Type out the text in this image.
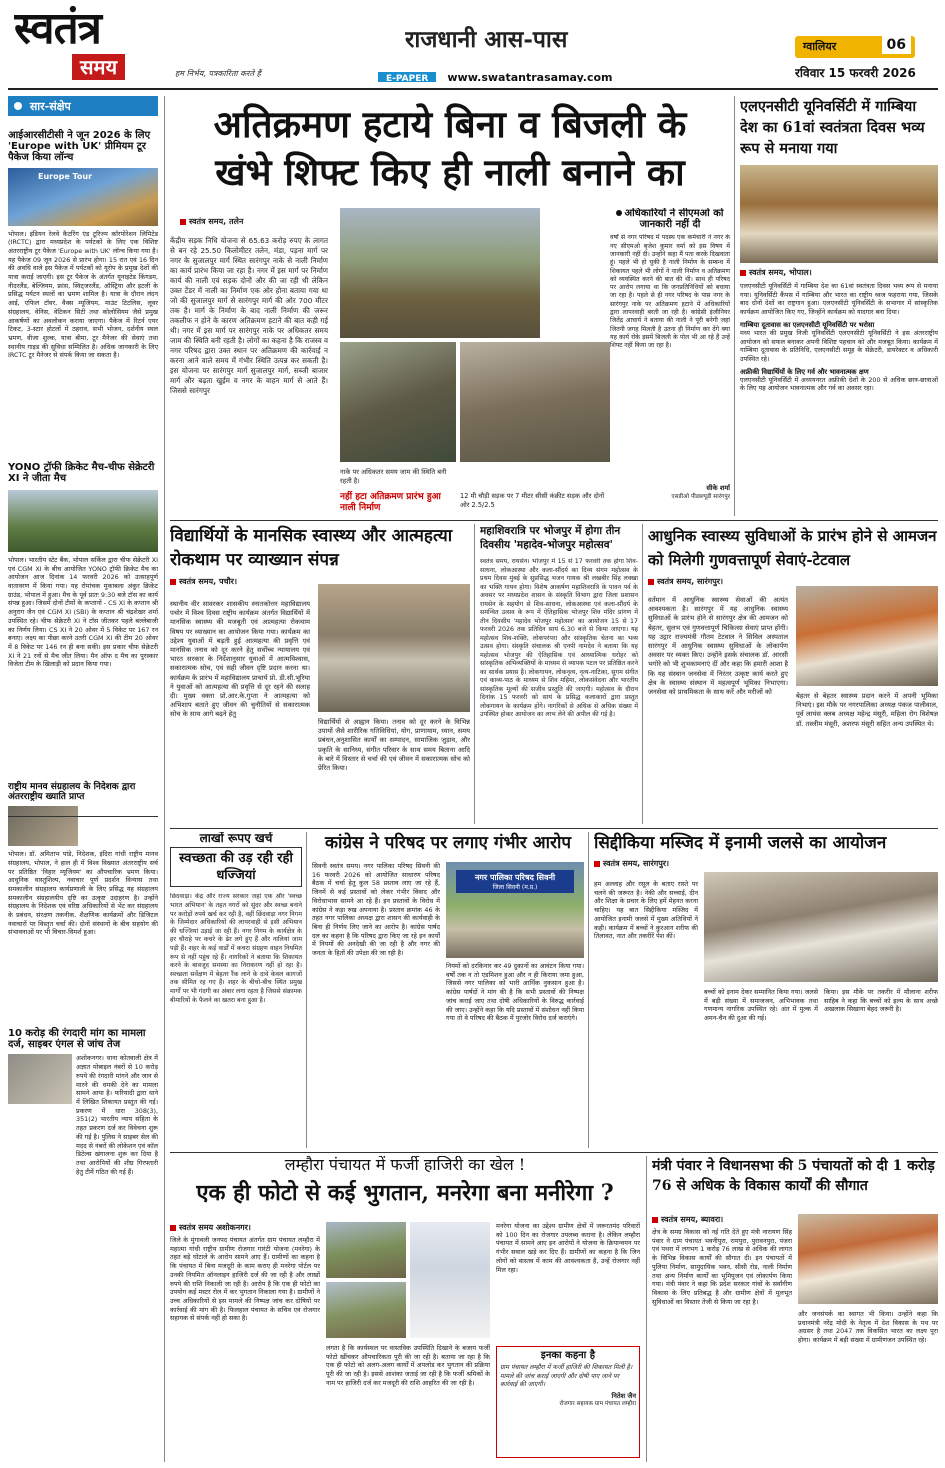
स्वतंत्र
समय	हम निर्भय, पत्रकारिता करते हैं
राजधानी आस-पास
E-PAPER www.swatantrasamay.com
ग्वालियर	06
रविवार 15 फरवरी 2026
सार-संक्षेप
आईआरसीटीसी ने जून 2026 के लिए 'Europe with UK' प्रीमियम टूर पैकेज किया लॉन्च
Europe Tour
भोपाल। इंडियन रेलवे कैटरिंग एंड टूरिज्म कॉरपोरेशन लिमिटेड (IRCTC) द्वारा मध्यप्रदेश के पर्यटकों के लिए एक विशिष्ट अंतरराष्ट्रीय टूर पैकेज 'Europe with UK' लॉन्च किया गया है। यह पैकेज 09 जून 2026 से प्रारंभ होगा। 15 रात एवं 16 दिन की अवधि वाले इस पैकेज में पर्यटकों को यूरोप के प्रमुख देशों की यात्रा कराई जाएगी। इस टूर पैकेज के अंतर्गत यूनाइटेड किंगडम, नीदरलैंड, बेल्जियम, फ्रांस, स्विट्जरलैंड, ऑस्ट्रिया और इटली के प्रसिद्ध पर्यटन स्थलों का भ्रमण शामिल है। यात्रा के दौरान लंदन आई, एफिल टॉवर, वैक्स म्यूजियम, माउंट टिटलिस, लूवर संग्रहालय, वेनिस, वेटिकन सिटी तथा कोलोसियम जैसे प्रमुख आकर्षणों का अवलोकन कराया जाएगा। पैकेज में रिटर्न एयर टिकट, 3-स्टार होटलों में ठहराव, सभी भोजन, दर्शनीय स्थल भ्रमण, वीजा शुल्क, यात्रा बीमा, टूर मैनेजर की सेवाएं तथा स्थानीय गाइड की सुविधा सम्मिलित है। अधिक जानकारी के लिए IRCTC टूर मैनेजर से संपर्क किया जा सकता है।
YONO ट्रॉफी क्रिकेट मैच-चीफ सेक्रेटरी XI ने जीता मैच
भोपाल। भारतीय स्टेट बैंक, भोपाल सर्किल द्वारा चीफ सेक्रेटरी XI एवं CGM XI के बीच आयोजित YONO ट्रॉफी क्रिकेट मैच का आयोजन आज दिनांक 14 फरवरी 2026 को उत्साहपूर्ण वातावरण में किया गया। यह रोमांचक मुकाबला अंकुर क्रिकेट ग्राउंड, भोपाल में हुआ। मैच के पूर्व प्रातः 9:30 बजे टॉस का कार्य संपन्न हुआ। जिसमें दोनों टीमों के कप्तानों - CS XI के कप्तान श्री अनुराग जैन एवं CGM XI (SBI) के कप्तान श्री चंद्रशेखर शर्मा उपस्थित रहे। चीफ सेक्रेटरी XI ने टॉस जीतकर पहले बल्लेबाजी का निर्णय लिया। CS XI ने 20 ओवर में 5 विकेट पर 167 रन बनाए। लक्ष्य का पीछा करने उतरी CGM XI की टीम 20 ओवर में 8 विकेट पर 146 रन ही बना सकी। इस प्रकार चीफ सेक्रेटरी XI ने 21 रनों से मैच जीत लिया। मैन ऑफ द मैच का पुरस्कार विजेता टीम के खिलाड़ी को प्रदान किया गया।
राष्ट्रीय मानव संग्रहालय के निदेशक द्वारा अंतरराष्ट्रीय ख्याति प्राप्त
भोपाल। डॉ. अमिताभ पांडे, निदेशक, इंदिरा गांधी राष्ट्रीय मानव संग्रहालय, भोपाल, ने हाल ही में विश्व विख्यात अंतरराष्ट्रीय सर्च पर प्रतिष्ठित 'विहार म्यूजियम' का औपचारिक भ्रमण किया। आधुनिक वास्तुशिल्प, नवाचार पूर्ण प्रदर्शन विन्यास तथा समकालीन संग्रहालय कार्यप्रणाली के लिए प्रसिद्ध यह संग्रहालय समकालीन संग्रहालयीय दृष्टि का उत्कृष्ट उदाहरण है। उन्होंने संग्रहालय के निदेशक एवं वरिष्ठ अधिकारियों से भेंट कर संग्रहालय के प्रबंधन, संरक्षण तकनीक, शैक्षणिक कार्यक्रमों और डिजिटल नवाचारों पर विस्तृत चर्चा की। दोनों संस्थानों के बीच सहयोग की संभावनाओं पर भी विचार-विमर्श हुआ।
10 करोड़ की रंगदारी मांग का मामला दर्ज, साइबर एंगल से जांच तेज
अशोकनगर। थाना कोतवाली क्षेत्र में अज्ञात मोबाइल नंबरों से 10 करोड़ रुपये की रंगदारी मांगने और जान से मारने की धमकी देने का मामला सामने आया है। फरियादी द्वारा थाने में लिखित शिकायत प्रस्तुत की गई। प्रकरण में धारा 308(3), 351(2) भारतीय न्याय संहिता के तहत प्रकरण दर्ज कर विवेचना शुरू की गई है। पुलिस ने साइबर सेल की मदद से नंबरों की लोकेशन एवं कॉल डिटेल्स खंगालना शुरू कर दिया है तथा आरोपियों की शीघ्र गिरफ्तारी हेतु टीमें गठित की गई हैं।
अतिक्रमण हटाये बिना व बिजली के खंभे शिफ्ट किए ही नाली बनाने का
स्वतंत्र समय, तलेन
केंद्रीय सड़क निधि योजना से 65.63 करोड़ रुपए के लागत से बन रहे 25.50 किलोमीटर तलेन, मंडा, पड़ना मार्ग पर नगर के सुजालपुर मार्ग स्थित सारंगपुर नाके से नाली निर्माण का कार्य प्रारंभ किया जा रहा है। नगर में इस मार्ग पर निर्माण कार्य की नाली एवं सड़क दोनों और की जा रही थी लेकिन उक्त टेंडर में नाली का निर्माण एक ओर होना बताया गया था जो की सुजालपुर मार्ग से सारंगपुर मार्ग की ओर 700 मीटर तक है। मार्ग के निर्माण के बाद नाली निर्माण की जरूर तकलीफ न होने के कारण अतिक्रमण हटाने की बात कही गई थी। नगर में इस मार्ग पर सारंगपुर नाके पर अधिकतर समय जाम की स्थिति बनी रहती है। लोगों का कहना है कि राजस्व व नगर परिषद द्वारा उक्त स्थान पर अतिक्रमण की कार्रवाई न करना आने वाले समय में गंभीर स्थिति उत्पन्न कर सकती है। इस योजना पर सारंगपुर मार्ग सुजालपुर मार्ग, सब्जी बाजार मार्ग और बढ़ता खुईम व नगर के वाहन मार्ग से आते हैं। जिससे सारंगपुर
नाके पर अधिकतर समय जाम की स्थिति बनी रहती है।
नहीं हटा अतिक्रमण प्रारंभ हुआ नाली निर्माण
12 मी चौड़ी सड़क पर 7 मीटर सीसी कंक्रीट सड़क और दोनों ओर 2.5/2.5
अधिकारियों ने सीएमओ को जानकारी नहीं दी
वर्षों से नगर परिषद में पदस्थ एक कर्मचारी ने नगर के नए सीएमओ बृजेश कुमार वर्मा को इस विषय में जानकारी नहीं दी। उन्होंने कहा मैं पता करके दिखवाता हूं। पहले भी हो चुकी है नाली निर्माण के सम्बन्ध में शिकायत पहले भी लोगों ने नाली निर्माण व अतिक्रमण को व्यवस्थित करने की बात की थी। साथ ही परिषद पर आरोप लगाया था कि जनप्रतिनिधियों को बचाया जा रहा है। पहले से ही नगर परिषद के पास नगर के सारंगपुर नाके पर अतिक्रमण हटाने में अधिकारियों द्वारा लापरवाही बरती जा रही है। कांग्रेसी इंजीनियर जितेंद्र आचार्य ने बताया की नाली ने पूरी बनेगी जहां जितनी जगह मिलती है उतना ही निर्माण कर देंगे क्या यह कार्य रोके इसमें बिजली के पोल भी आ रहे हैं उन्हें शिफ्ट नहीं किया जा रहा है।
सीके शर्मा
एसडीओ पीडब्ल्यूडी सारंगपुर
एलएनसीटी यूनिवर्सिटी में गाम्बिया देश का 61वां स्वतंत्रता दिवस भव्य रूप से मनाया गया
स्वतंत्र समय, भोपाल।
एलएनसीटी यूनिवर्सिटी में गाम्बिया देश का 61वां स्वतंत्रता दिवस भव्य रूप से मनाया गया। यूनिवर्सिटी कैंपस में गाम्बिया और भारत का राष्ट्रीय ध्वज फहराया गया, जिसके बाद दोनों देशों का राष्ट्रगान हुआ। एलएनसीटी यूनिवर्सिटी के सभागार में सांस्कृतिक कार्यक्रम आयोजित किए गए, जिन्होंने कार्यक्रम को यादगार बना दिया।
गाम्बिया दूतावास का एलएनसीटी यूनिवर्सिटी पर भरोसा
मध्य भारत की प्रमुख निजी यूनिवर्सिटी एलएनसीटी यूनिवर्सिटी ने इस अंतरराष्ट्रीय आयोजन को सफल बनाकर अपनी विशिष्ट पहचान को और मजबूत किया। कार्यक्रम में गाम्बिया दूतावास के प्रतिनिधि, एलएनसीटी समूह के सेक्रेटरी, डायरेक्टर व अधिकारी उपस्थित रहे।
अफ्रीकी विद्यार्थियों के लिए गर्व और भावनात्मक क्षण
एलएनसीटी यूनिवर्सिटी में अध्ययनरत अफ्रीकी देशों के 200 से अधिक छात्र-छात्राओं के लिए यह आयोजन भावनात्मक और गर्व का अवसर रहा।
विद्यार्थियों के मानसिक स्वास्थ्य और आत्महत्या रोकथाम पर व्याख्यान संपन्न
स्वतंत्र समय, पचौर।
स्थानीय वीर सावरकर शासकीय स्नातकोत्तर महाविद्यालय पचोर में विश्व दिवस राष्ट्रीय कार्यक्रम अंतर्गत विद्यार्थियों में मानसिक स्वास्थ्य की मजबूती एवं आत्महत्या रोकथाम विषय पर व्याख्यान का आयोजन किया गया। कार्यक्रम का उद्देश्य युवाओं में बढ़ती हुई आत्महत्या की प्रवृत्ति एवं मानसिक तनाव को दूर करने हेतु सर्वोच्च न्यायालय एवं भारत सरकार के निर्देशानुसार युवाओं में आत्मविश्वास, सकारात्मक सोच, एवं सही जीवन दृष्टि प्रदान करना था। कार्यक्रम के प्रारंभ में महाविद्यालय प्राचार्य प्रो. डी.सी.भूरिया ने युवाओं को आत्महत्या की प्रवृत्ति से दूर रहने की सलाह दी। मुख्य वक्ता प्रो.आर.के.गुप्ता ने आत्महत्या को अभिशाप बताते हुए जीवन की चुनौतियों से सकारात्मक सोच के साथ आगे बढ़ने हेतु
विद्यार्थियों से आह्वान किया। तनाव को दूर करने के विभिन्न उपायों जैसे शारीरिक गतिविधियां, योग, प्राणायाम, ध्यान, समय प्रबंधन,अनुशासित कार्यों का सम्पादन, सामाजिक जुड़ाव, और प्रकृति के सानिध्य, संगीत परिवार के साथ समय बिताना आदि के बारे में विस्तार से चर्चा की एवं जीवन में सकारात्मक सोच को प्रेरित किया।
महाशिवरात्रि पर भोजपुर में होगा तीन दिवसीय 'महादेव-भोजपुर महोत्सव'
स्वतंत्र समय, रायसेन। भोजपुर में 15 से 17 फरवरी तक होगा शिव-साधना, लोकआस्था और कला-सौंदर्य का दिव्य संगम महोत्सव के प्रथम दिवस मुंबई के सुप्रसिद्ध भजन गायक श्री लखबीर सिंह लक्खा का भक्ति गायन होगा। विशेष आकर्षण महाशिवरात्रि के पावन पर्व के अवसर पर मध्यप्रदेश शासन के संस्कृति विभाग द्वारा जिला प्रशासन रायसेन के सहयोग से शिव-साधना, लोकआस्था एवं कला-सौंदर्य के समन्वित उत्सव के रूप में ऐतिहासिक भोजपुर शिव मंदिर प्रांगण में तीन दिवसीय 'महादेव भोजपुर महोत्सव' का आयोजन 15 से 17 फरवरी 2026 तक प्रतिदिन सायं 6.30 बजे से किया जाएगा। यह महोत्सव शिव-शक्ति, लोकपरंपरा और सांस्कृतिक चेतना का भव्य उत्सव होगा। संस्कृति संचालक श्री एनपी नामदेव ने बताया कि यह महोत्सव भोजपुर की ऐतिहासिक एवं आध्यात्मिक धरोहर को सांस्कृतिक अभिव्यक्तियों के माध्यम से व्यापक पटल पर प्रतिष्ठित करने का सार्थक प्रयास है। लोकगायन, लोकनृत्य, नृत्य-नाटिका, सुगम संगीत एवं काव्य-पाठ के माध्यम से शिव महिमा, लोकसंवेदना और भारतीय सांस्कृतिक मूल्यों की सजीव प्रस्तुति की जाएगी। महोत्सव के दौरान दिनांक 15 फरवरी को सायं के प्रसिद्ध कलाकारों द्वारा प्रस्तुत लोकगायन के कार्यक्रम होंगे। नागरिकों से अधिक से अधिक संख्या में उपस्थित होकर आयोजन का लाभ लेने की अपील की गई है।
आधुनिक स्वास्थ्य सुविधाओं के प्रारंभ होने से आमजन को मिलेगी गुणवत्तापूर्ण सेवाएं-टेटवाल
स्वतंत्र समय, सारंगपुर।
वर्तमान में आधुनिक स्वास्थ्य सेवाओं की अत्यंत आवश्यकता है। सारंगपुर में यह आधुनिक स्वास्थ्य सुविधाओं के प्रारंभ होने से सारंगपुर क्षेत्र की आमजन को बेहतर, सुलभ एवं गुणवत्तापूर्ण चिकित्सा सेवाएं प्राप्त होंगी। यह उद्गार राज्यमंत्री गौतम टेटवाल ने सिविल अस्पताल सारंगपुर में आधुनिक स्वास्थ्य सुविधाओं के लोकार्पण अवसर पर व्यक्त किए। उन्होंने इसके संचालक डॉ. आरसी भगोरे को भी शुभकामनाएं दीं और कहा कि हमारी आशा है कि यह संस्थान जनसेवा में निरंतर उत्कृष्ट कार्य करते हुए क्षेत्र के स्वास्थ्य संस्थान में महत्वपूर्ण भूमिका निभाएगा। जनसेवा को प्राथमिकता के साथ करें और मरीजों को	बेहतर से बेहतर स्वास्थ्य प्रदान करने में अपनी भूमिका निभाएं। इस मौके पर नगरपालिका अध्यक्ष पंकज पालीवाल, पूर्व लायंस क्लब अध्यक्ष महेन्द्र मंसूरी, महिला रोग विशेषज्ञ डॉ. तस्लीम मंसूरी, अशरफ मंसूरी सहित अन्य उपस्थित थे।
लाखों रूपए खर्च
स्वच्छता की उड़ रही रही धज्जियां
छिंदवाड़ा। केंद्र और राज्य सरकार जहां एक और 'स्वच्छ भारत अभियान' के तहत नगरों को सुंदर और स्वच्छ बनाने पर करोड़ों रुपये खर्च कर रही है, वहीं छिंदवाड़ा नगर निगम के जिम्मेदार अधिकारियों की लापरवाही से इसी अभियान की धज्जियां उड़ाई जा रही हैं। नगर निगम के कार्यक्षेत्र के हर चौराहे पर कचरे के ढेर लगे हुए हैं और नालियां जाम पड़ी हैं। शहर के कई वार्डों में कचरा संग्रहण वाहन नियमित रूप से नहीं पहुंच रहे हैं। नागरिकों ने बताया कि शिकायत करने के बावजूद समस्या का निराकरण नहीं हो रहा है। स्वच्छता सर्वेक्षण में बेहतर रैंक लाने के दावे केवल कागजों तक सीमित रह गए हैं। शहर के बीचो-बीच स्थित प्रमुख मार्गों पर भी गंदगी का अंबार लगा रहता है जिससे संक्रामक बीमारियों के फैलने का खतरा बना हुआ है।
कांग्रेस ने परिषद पर लगाए गंभीर आरोप
सिवनी स्वतंत्र समय। नगर पालिका परिषद सिवनी की 16 फरवरी 2026 को आयोजित साधारण परिषद बैठक में चर्चा हेतु कुल 58 प्रस्ताव लाए जा रहे हैं, जिनमें से कई प्रस्तावों को लेकर गंभीर विवाद और विरोधाभास सामने आ रहे हैं। इन प्रस्तावों के विरोध में कांग्रेस ने कड़ा रुख अपनाया है। प्रस्ताव क्रमांक 46 के तहत नगर पालिका अध्यक्ष द्वारा शासन की कार्यवाही के बिना ही निर्णय लिए जाने का आरोप है। कांग्रेस पार्षद दल का कहना है कि परिषद द्वारा किए जा रहे इन कार्यों में नियमों की अनदेखी की जा रही है और नगर की जनता के हितों की उपेक्षा की जा रही है।
नगर पालिका परिषद सिवनी
जिला सिवनी (म.प्र.)
नियमों को दरकिनार कर 49 दुकानों का आवंटन किया गया। वर्षों तक न तो एडमिशन हुआ और न ही किराया जमा हुआ, जिससे नगर पालिका को भारी आर्थिक नुकसान हुआ है। कांग्रेस पार्षदों ने मांग की है कि सभी प्रस्तावों की निष्पक्ष जांच कराई जाए तथा दोषी अधिकारियों के विरुद्ध कार्रवाई की जाए। उन्होंने कहा कि यदि प्रस्तावों में संशोधन नहीं किया गया तो वे परिषद की बैठक में पुरजोर विरोध दर्ज कराएंगे।
सिद्दीकिया मस्जिद में इनामी जलसे का आयोजन
स्वतंत्र समय, सारंगपुर।
हम अल्लाह और रसूल के बताए रास्ते पर चलने की जरूरत है। नेकी और सच्चाई, दीन और शिक्षा के प्रचार के लिए हमें मेहनत करना चाहिए। यह बात सिद्दीकिया मस्जिद में आयोजित इनामी जलसे में मुख्य अतिथियों ने कही। कार्यक्रम में बच्चों ने कुरआन शरीफ की तिलावत, नात और तकरीरें पेश कीं।
बच्चों को इनाम देकर सम्मानित किया गया। जलसे में बड़ी संख्या में समाजजन, अभिभावक तथा गणमान्य नागरिक उपस्थित रहे। अंत में मुल्क में अमन-चैन की दुआ की गई।
किया। इस मौके पर तकरीर में मौलाना शरीफ साहिब ने कहा कि बच्चों को इल्म के साथ अच्छे अखलाक सिखाना बेहद जरूरी है।
लम्हौरा पंचायत में फर्जी हाजिरी का खेल !
एक ही फोटो से कई भुगतान, मनरेगा बना मनीरेगा ?
स्वतंत्र समय अशोकनगर।
जिले के मुंगावली जनपद पंचायत अंतर्गत ग्राम पंचायत लम्हौरा में महात्मा गांधी राष्ट्रीय ग्रामीण रोजगार गारंटी योजना (मनरेगा) के तहत बड़े घोटाले के आरोप सामने आए हैं। ग्रामीणों का कहना है कि पंचायत में बिना मजदूरी के काम कराए ही मनरेगा पोर्टल पर उनकी नियमित ऑनलाइन हाजिरी दर्ज की जा रही है और लाखों रुपये की राशि निकाली जा रही है। आरोप है कि एक ही फोटो का उपयोग कई मस्टर रोल में कर भुगतान निकाला गया है। ग्रामीणों ने उच्च अधिकारियों से इस मामले की निष्पक्ष जांच कर दोषियों पर कार्रवाई की मांग की है। फिलहाल पंचायत के सचिव एवं रोजगार सहायक से संपर्क नहीं हो सका है।
लगता है कि कार्यस्थल पर वास्तविक उपस्थिति दिखाने के बजाय फर्जी फोटो खींचकर औपचारिकता पूरी की जा रही है। बताया जा रहा है कि एक ही फोटो को अलग-अलग कार्यों में अपलोड कर भुगतान की प्रक्रिया पूरी की जा रही है। इससे आशंका जताई जा रही है कि फर्जी श्रमिकों के नाम पर हाजिरी दर्ज कर मजदूरी की राशि आहरित की जा रही है।
मनरेगा योजना का उद्देश्य ग्रामीण क्षेत्रों में जरूरतमंद परिवारों को 100 दिन का रोजगार उपलब्ध कराना है। लेकिन लम्हौरा पंचायत में सामने आए इन आरोपों ने योजना के क्रियान्वयन पर गंभीर सवाल खड़े कर दिए हैं। ग्रामीणों का कहना है कि जिन लोगों को वास्तव में काम की आवश्यकता है, उन्हें रोजगार नहीं मिल रहा।
इनका कहना है
ग्राम पंचायत लम्हौरा में फर्जी हाजिरी की शिकायत मिली है। मामले की जांच कराई जाएगी और दोषी पाए जाने पर कार्रवाई की जाएगी।
नितेश जैन
रोजगार सहायक ग्राम पंचायत लम्हौरा
मंत्री पंवार ने विधानसभा की 5 पंचायतों को दी 1 करोड़ 76 से अधिक के विकास कार्यों की सौगात
स्वतंत्र समय, ब्यावरा।
क्षेत्र के समग्र विकास को नई गति देते हुए मंत्री नारायण सिंह पंवार ने ग्राम पंचायत भवनीपुरा, रामपुरा, पुरावनपुरा, पंजरा एवं पथरा में लगभग 1 करोड़ 76 लाख से अधिक की लागत के विभिन्न विकास कार्यों की सौगात दी। इन पंचायतों में पुलिया निर्माण, सामुदायिक भवन, सीसी रोड, नाली निर्माण तथा अन्य निर्माण कार्यों का भूमिपूजन एवं लोकार्पण किया गया। मंत्री पंवार ने कहा कि प्रदेश सरकार गांवों के सर्वांगीण विकास के लिए प्रतिबद्ध है और ग्रामीण क्षेत्रों में मूलभूत सुविधाओं का विस्तार तेजी से किया जा रहा है।
और जनसंपर्क का स्वागत भी किया। उन्होंने कहा कि प्रधानमंत्री नरेंद्र मोदी के नेतृत्व में देश विकास के पथ पर अग्रसर है तथा 2047 तक विकसित भारत का लक्ष्य पूरा होगा। कार्यक्रम में बड़ी संख्या में ग्रामीणजन उपस्थित रहे।
